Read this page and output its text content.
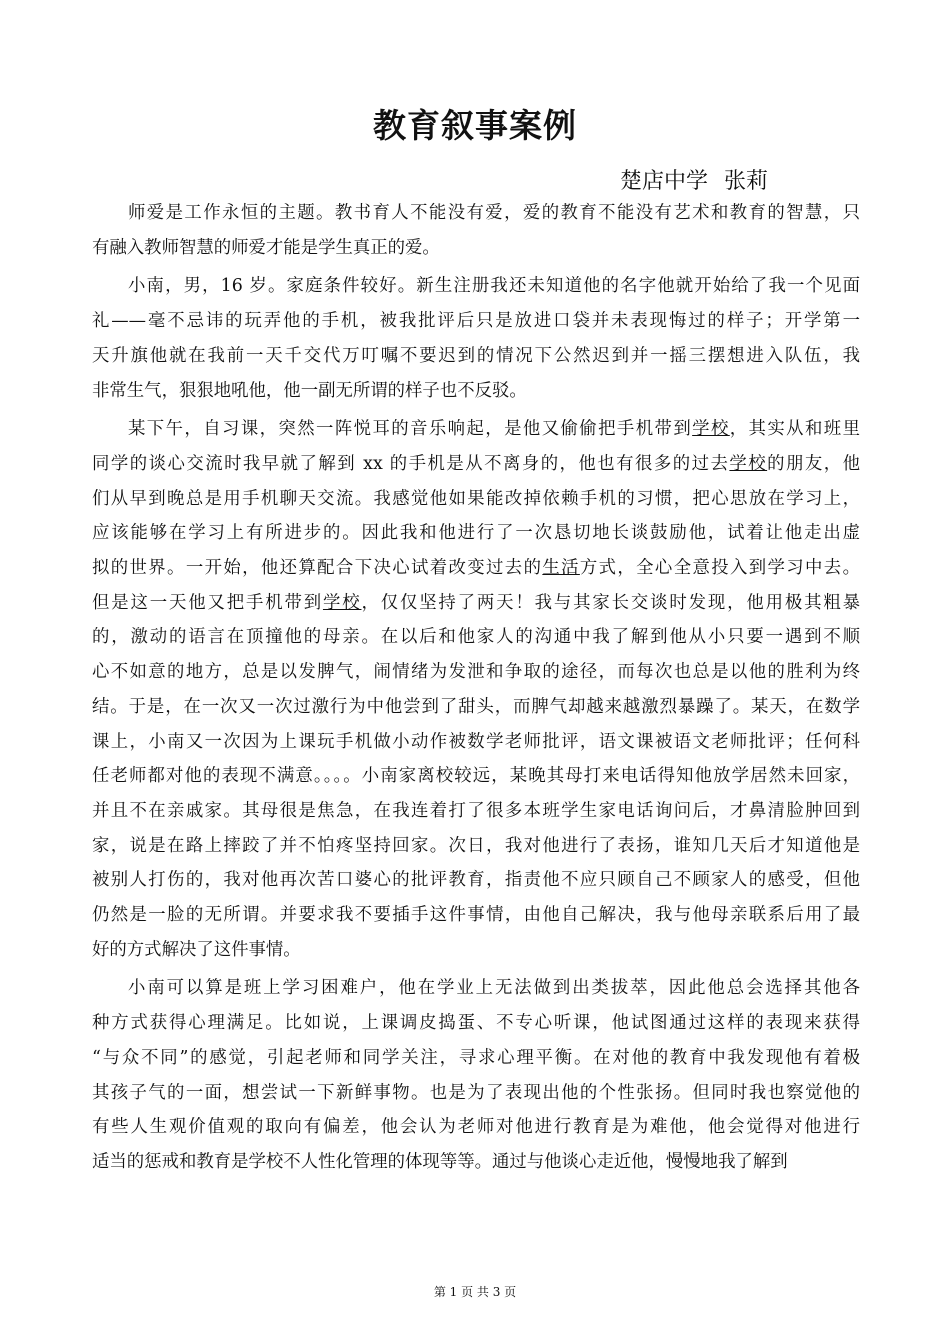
教育叙事案例
楚店中学 张莉

师爱是工作永恒的主题。教书育人不能没有爱，爱的教育不能没有艺术和教育的智慧，只
有融入教师智慧的师爱才能是学生真正的爱。

小南，男，16 岁。家庭条件较好。新生注册我还未知道他的名字他就开始给了我一个见面
礼——毫不忌讳的玩弄他的手机，被我批评后只是放进口袋并未表现悔过的样子；开学第一
天升旗他就在我前一天千交代万叮嘱不要迟到的情况下公然迟到并一摇三摆想进入队伍，我
非常生气，狠狠地吼他，他一副无所谓的样子也不反驳。

某下午，自习课，突然一阵悦耳的音乐响起，是他又偷偷把手机带到学校，其实从和班里
同学的谈心交流时我早就了解到 xx 的手机是从不离身的，他也有很多的过去学校的朋友，他
们从早到晚总是用手机聊天交流。我感觉他如果能改掉依赖手机的习惯，把心思放在学习上，
应该能够在学习上有所进步的。因此我和他进行了一次恳切地长谈鼓励他，试着让他走出虚
拟的世界。一开始，他还算配合下决心试着改变过去的生活方式，全心全意投入到学习中去。
但是这一天他又把手机带到学校，仅仅坚持了两天！我与其家长交谈时发现，他用极其粗暴
的，激动的语言在顶撞他的母亲。在以后和他家人的沟通中我了解到他从小只要一遇到不顺
心不如意的地方，总是以发脾气，闹情绪为发泄和争取的途径，而每次也总是以他的胜利为终
结。于是，在一次又一次过激行为中他尝到了甜头，而脾气却越来越激烈暴躁了。某天，在数学
课上，小南又一次因为上课玩手机做小动作被数学老师批评，语文课被语文老师批评；任何科
任老师都对他的表现不满意。。。。小南家离校较远，某晚其母打来电话得知他放学居然未回家，
并且不在亲戚家。其母很是焦急，在我连着打了很多本班学生家电话询问后，才鼻清脸肿回到
家，说是在路上摔跤了并不怕疼坚持回家。次日，我对他进行了表扬，谁知几天后才知道他是
被别人打伤的，我对他再次苦口婆心的批评教育，指责他不应只顾自己不顾家人的感受，但他
仍然是一脸的无所谓。并要求我不要插手这件事情，由他自己解决，我与他母亲联系后用了最
好的方式解决了这件事情。

小南可以算是班上学习困难户，他在学业上无法做到出类拔萃，因此他总会选择其他各
种方式获得心理满足。比如说，上课调皮捣蛋、不专心听课，他试图通过这样的表现来获得
“与众不同”的感觉，引起老师和同学关注，寻求心理平衡。在对他的教育中我发现他有着极
其孩子气的一面，想尝试一下新鲜事物。也是为了表现出他的个性张扬。但同时我也察觉他的
有些人生观价值观的取向有偏差，他会认为老师对他进行教育是为难他，他会觉得对他进行
适当的惩戒和教育是学校不人性化管理的体现等等。通过与他谈心走近他，慢慢地我了解到

第 1 页 共 3 页
